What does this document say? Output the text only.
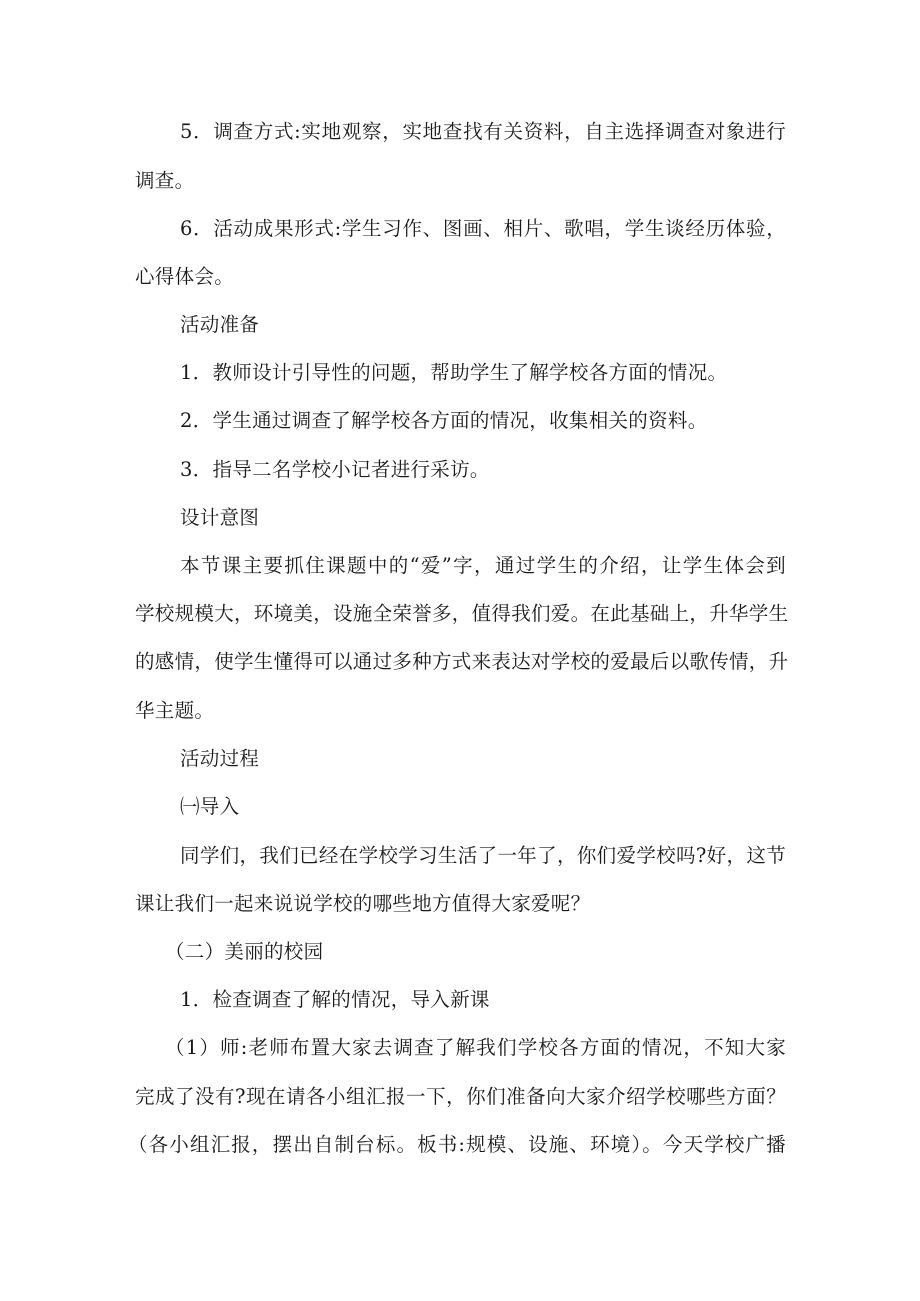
5．调查方式:实地观察，实地查找有关资料，自主选择调查对象进行

调查。

6．活动成果形式:学生习作、图画、相片、歌唱，学生谈经历体验，

心得体会。

活动准备

1．教师设计引导性的问题，帮助学生了解学校各方面的情况。

2．学生通过调查了解学校各方面的情况，收集相关的资料。

3．指导二名学校小记者进行采访。

设计意图

本节课主要抓住课题中的“爱”字，通过学生的介绍，让学生体会到

学校规模大，环境美，设施全荣誉多，值得我们爱。在此基础上，升华学生

的感情，使学生懂得可以通过多种方式来表达对学校的爱最后以歌传情，升

华主题。

活动过程

㈠导入

同学们，我们已经在学校学习生活了一年了，你们爱学校吗?好，这节

课让我们一起来说说学校的哪些地方值得大家爱呢？

（二）美丽的校园

1．检查调查了解的情况，导入新课

（1）师:老师布置大家去调查了解我们学校各方面的情况，不知大家

完成了没有?现在请各小组汇报一下，你们准备向大家介绍学校哪些方面？

（各小组汇报，摆出自制台标。板书:规模、设施、环境）。今天学校广播
